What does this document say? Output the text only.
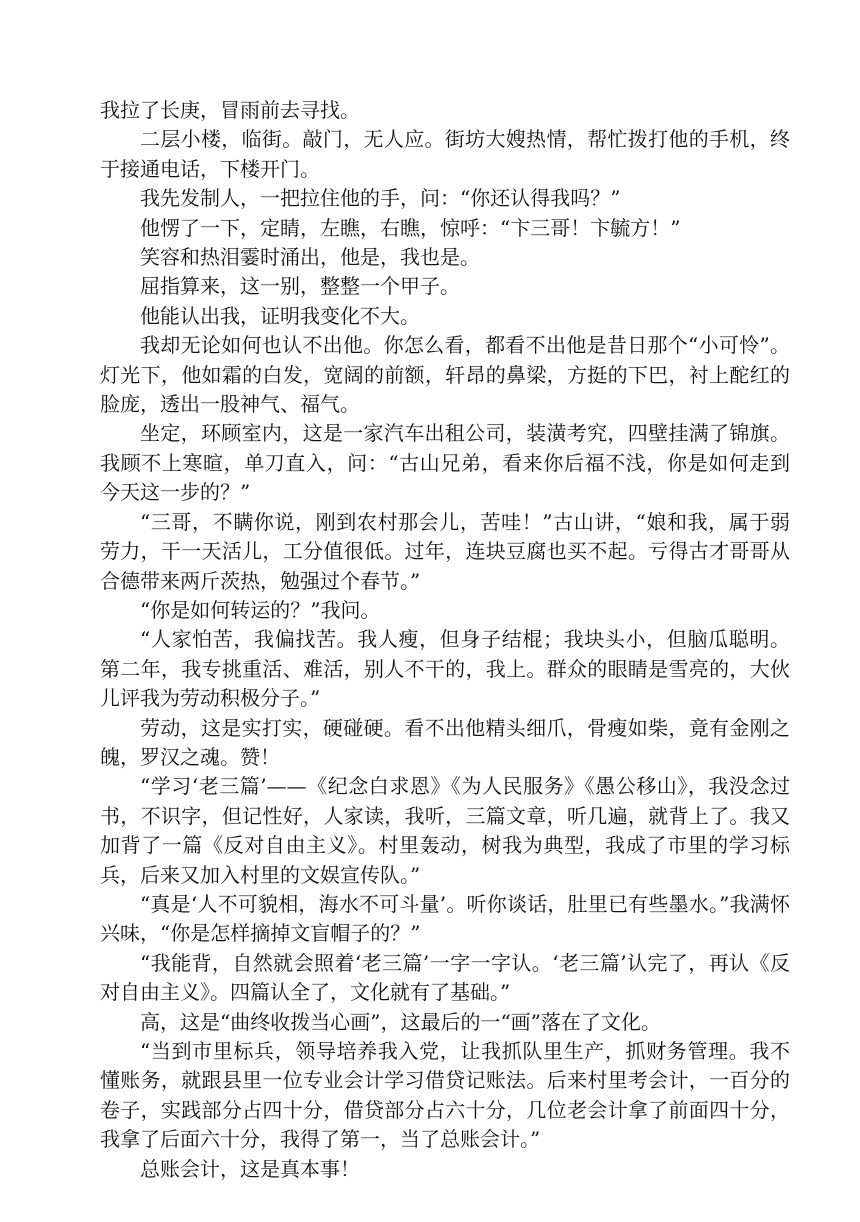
我拉了长庚，冒雨前去寻找。

二层小楼，临街。敲门，无人应。街坊大嫂热情，帮忙拨打他的手机，终于接通电话，下楼开门。

我先发制人，一把拉住他的手，问：“你还认得我吗？”

他愣了一下，定睛，左瞧，右瞧，惊呼：“卞三哥！卞毓方！”

笑容和热泪霎时涌出，他是，我也是。

屈指算来，这一别，整整一个甲子。

他能认出我，证明我变化不大。

我却无论如何也认不出他。你怎么看，都看不出他是昔日那个“小可怜”。灯光下，他如霜的白发，宽阔的前额，轩昂的鼻梁，方挺的下巴，衬上酡红的脸庞，透出一股神气、福气。

坐定，环顾室内，这是一家汽车出租公司，装潢考究，四壁挂满了锦旗。我顾不上寒暄，单刀直入，问：“古山兄弟，看来你后福不浅，你是如何走到今天这一步的？”

“三哥，不瞒你说，刚到农村那会儿，苦哇！”古山讲，“娘和我，属于弱劳力，干一天活儿，工分值很低。过年，连块豆腐也买不起。亏得古才哥哥从合德带来两斤茨热，勉强过个春节。”

“你是如何转运的？”我问。

“人家怕苦，我偏找苦。我人瘦，但身子结棍；我块头小，但脑瓜聪明。第二年，我专挑重活、难活，别人不干的，我上。群众的眼睛是雪亮的，大伙儿评我为劳动积极分子。”

劳动，这是实打实，硬碰硬。看不出他精头细爪，骨瘦如柴，竟有金刚之魄，罗汉之魂。赞！

“学习‘老三篇’——《纪念白求恩》《为人民服务》《愚公移山》，我没念过书，不识字，但记性好，人家读，我听，三篇文章，听几遍，就背上了。我又加背了一篇《反对自由主义》。村里轰动，树我为典型，我成了市里的学习标兵，后来又加入村里的文娱宣传队。”

“真是‘人不可貌相，海水不可斗量’。听你谈话，肚里已有些墨水。”我满怀兴味，“你是怎样摘掉文盲帽子的？”

“我能背，自然就会照着‘老三篇’一字一字认。‘老三篇’认完了，再认《反对自由主义》。四篇认全了，文化就有了基础。”

高，这是“曲终收拨当心画”，这最后的一“画”落在了文化。

“当到市里标兵，领导培养我入党，让我抓队里生产，抓财务管理。我不懂账务，就跟县里一位专业会计学习借贷记账法。后来村里考会计，一百分的卷子，实践部分占四十分，借贷部分占六十分，几位老会计拿了前面四十分，我拿了后面六十分，我得了第一，当了总账会计。”

总账会计，这是真本事！
